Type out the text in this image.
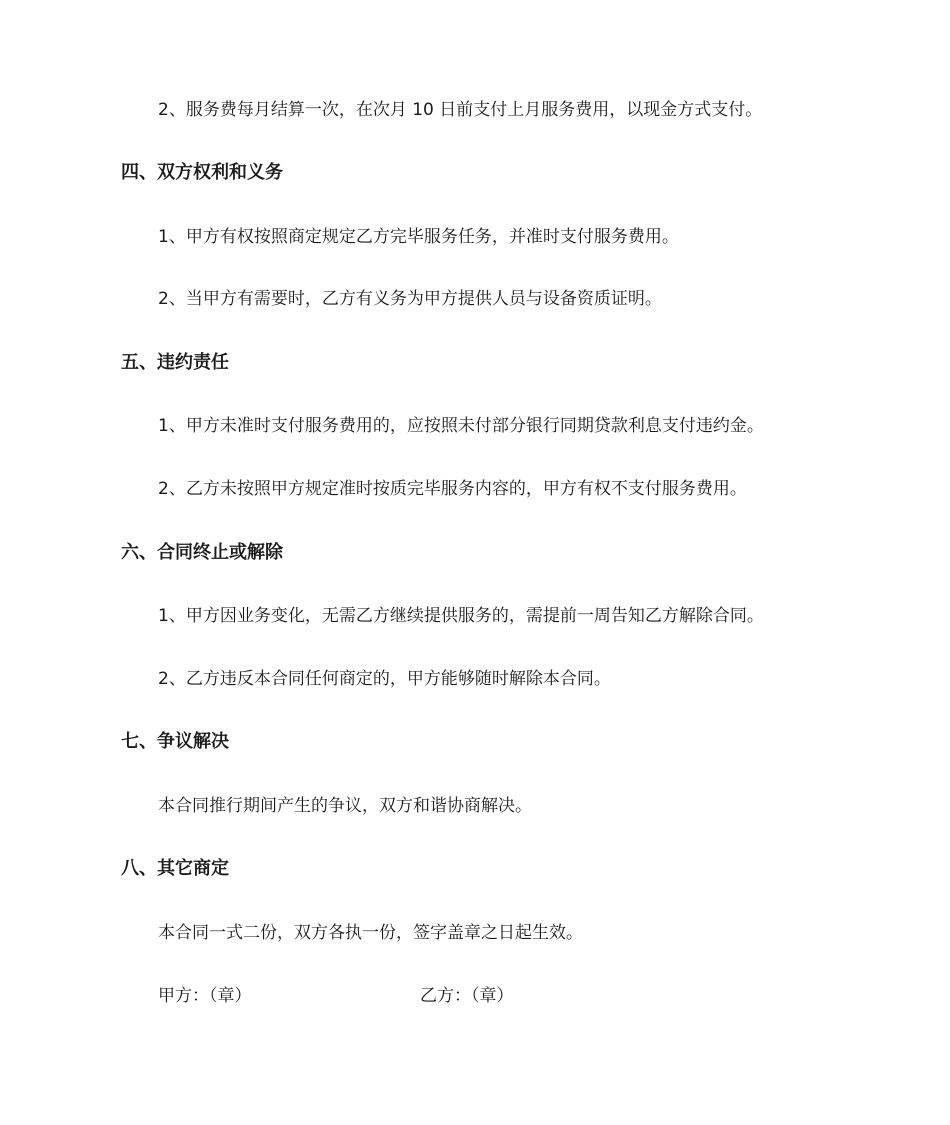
2、服务费每月结算一次，在次月 10 日前支付上月服务费用，以现金方式支付。
四、双方权利和义务
1、甲方有权按照商定规定乙方完毕服务任务，并准时支付服务费用。
2、当甲方有需要时，乙方有义务为甲方提供人员与设备资质证明。
五、违约责任
1、甲方未准时支付服务费用的，应按照未付部分银行同期贷款利息支付违约金。
2、乙方未按照甲方规定准时按质完毕服务内容的，甲方有权不支付服务费用。
六、合同终止或解除
1、甲方因业务变化，无需乙方继续提供服务的，需提前一周告知乙方解除合同。
2、乙方违反本合同任何商定的，甲方能够随时解除本合同。
七、争议解决
本合同推行期间产生的争议，双方和谐协商解决。
八、其它商定
本合同一式二份，双方各执一份，签字盖章之日起生效。
甲方：（章）	乙方：（章）
